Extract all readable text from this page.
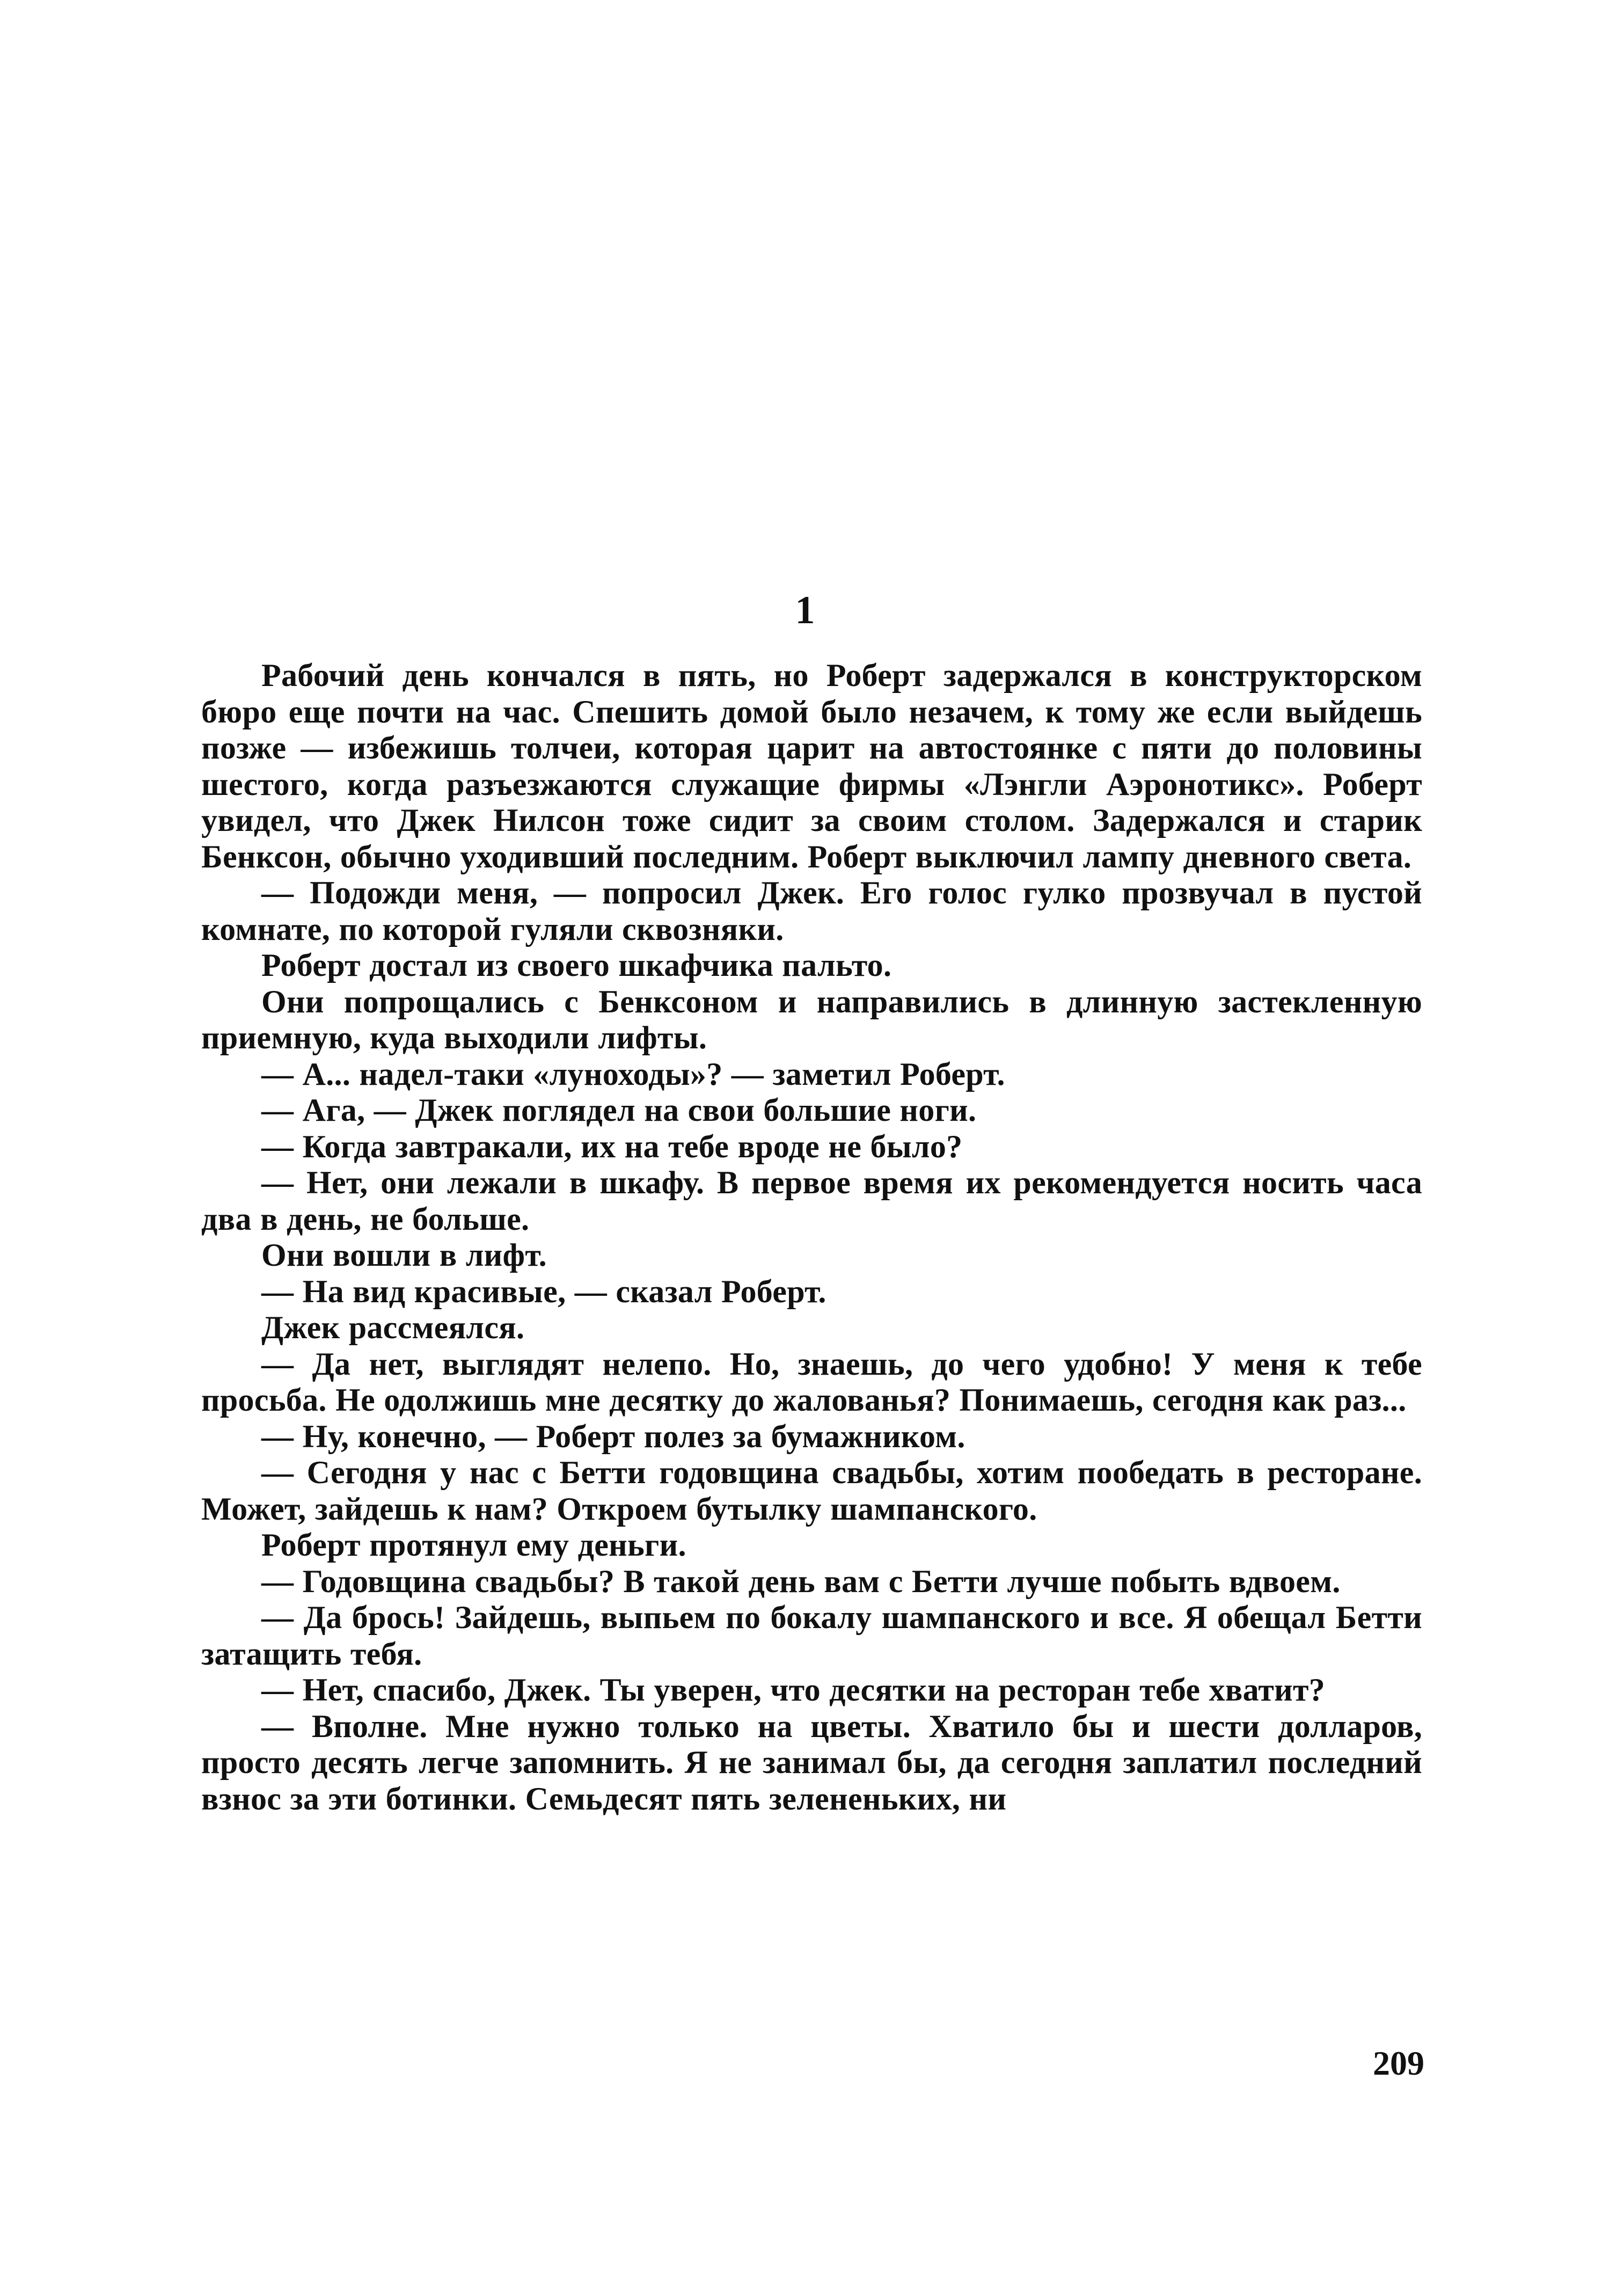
1

Рабочий день кончался в пять, но Роберт задержался в конструкторском бюро еще почти на час. Спешить домой было незачем, к тому же если выйдешь позже — избежишь толчеи, которая царит на автостоянке с пяти до половины шестого, когда разъезжаются служащие фирмы «Лэнгли Аэронотикс». Роберт увидел, что Джек Нилсон тоже сидит за своим столом. Задержался и старик Бенксон, обычно уходивший последним. Роберт выключил лампу дневного света.

— Подожди меня, — попросил Джек. Его голос гулко прозвучал в пустой комнате, по которой гуляли сквозняки.

Роберт достал из своего шкафчика пальто.

Они попрощались с Бенксоном и направились в длинную застекленную приемную, куда выходили лифты.

— А... надел-таки «луноходы»? — заметил Роберт.

— Ага, — Джек поглядел на свои большие ноги.

— Когда завтракали, их на тебе вроде не было?

— Нет, они лежали в шкафу. В первое время их рекомендуется носить часа два в день, не больше.

Они вошли в лифт.

— На вид красивые, — сказал Роберт.

Джек рассмеялся.

— Да нет, выглядят нелепо. Но, знаешь, до чего удобно! У меня к тебе просьба. Не одолжишь мне десятку до жалованья? Понимаешь, сегодня как раз...

— Ну, конечно, — Роберт полез за бумажником.

— Сегодня у нас с Бетти годовщина свадьбы, хотим пообедать в ресторане. Может, зайдешь к нам? Откроем бутылку шампанского.

Роберт протянул ему деньги.

— Годовщина свадьбы? В такой день вам с Бетти лучше побыть вдвоем.

— Да брось! Зайдешь, выпьем по бокалу шампанского и все. Я обещал Бетти затащить тебя.

— Нет, спасибо, Джек. Ты уверен, что десятки на ресторан тебе хватит?

— Вполне. Мне нужно только на цветы. Хватило бы и шести долларов, просто десять легче запомнить. Я не занимал бы, да сегодня заплатил последний взнос за эти ботинки. Семьдесят пять зелененьких, ни

209
